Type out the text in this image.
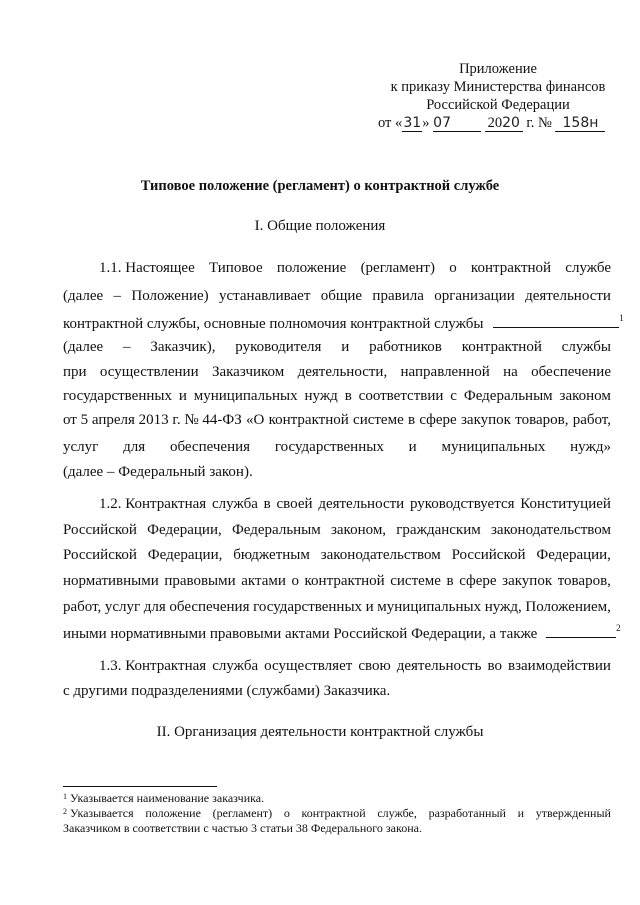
Приложение
к приказу Министерства финансов
Российской Федерации
от «31» 07	2020 г. № 158н
Типовое положение (регламент) о контрактной службе
I. Общие положения
1.1. Настоящее Типовое положение (регламент) о контрактной службе
(далее – Положение) устанавливает общие правила организации деятельности
контрактной службы, основные полномочия контрактной службы	$^1$
(далее – Заказчик), руководителя и работников контрактной службы
при осуществлении Заказчиком деятельности, направленной на обеспечение
государственных и муниципальных нужд в соответствии с Федеральным законом
от 5 апреля 2013 г. № 44-ФЗ «О контрактной системе в сфере закупок товаров, работ,
услуг для обеспечения государственных и муниципальных нужд»
(далее – Федеральный закон).
1.2. Контрактная служба в своей деятельности руководствуется Конституцией
Российской Федерации, Федеральным законом, гражданским законодательством
Российской Федерации, бюджетным законодательством Российской Федерации,
нормативными правовыми актами о контрактной системе в сфере закупок товаров,
работ, услуг для обеспечения государственных и муниципальных нужд, Положением,
иными нормативными правовыми актами Российской Федерации, а также	$^2$
1.3. Контрактная служба осуществляет свою деятельность во взаимодействии
с другими подразделениями (службами) Заказчика.
II. Организация деятельности контрактной службы
$^1$ Указывается наименование заказчика.
$^2$ Указывается положение (регламент) о контрактной службе, разработанный и утвержденный
Заказчиком в соответствии с частью 3 статьи 38 Федерального закона.
